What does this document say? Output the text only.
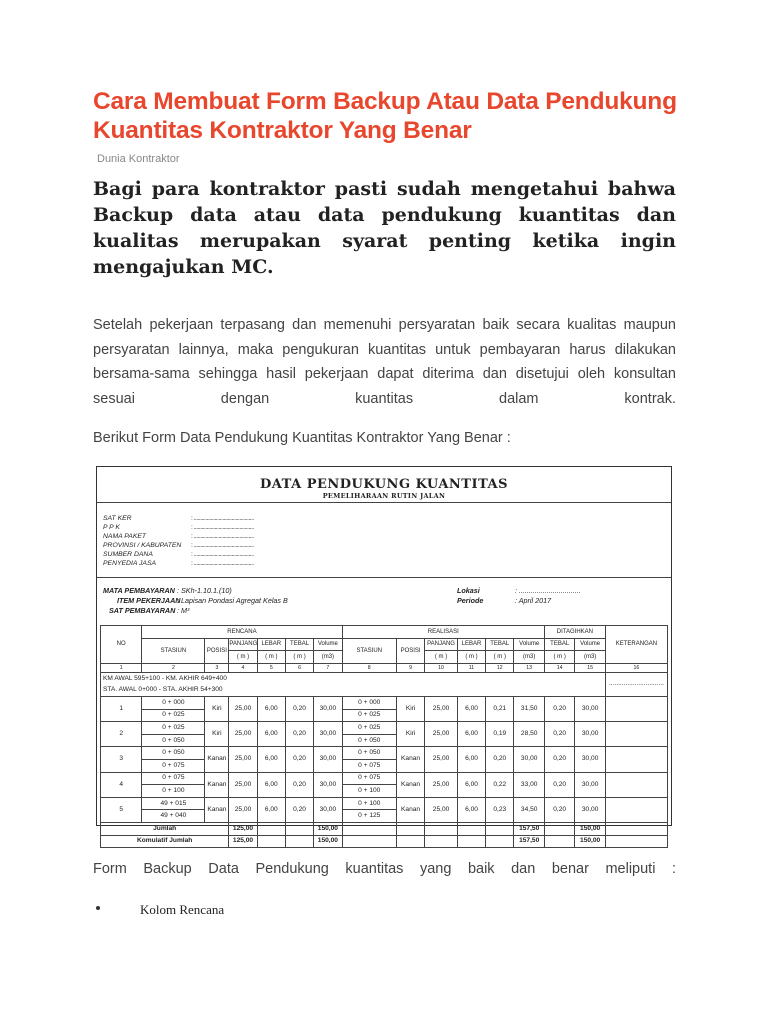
Cara Membuat Form Backup Atau Data Pendukung Kuantitas Kontraktor Yang Benar
Dunia Kontraktor

Bagi para kontraktor pasti sudah mengetahui bahwa Backup data atau data pendukung kuantitas dan kualitas merupakan syarat penting ketika ingin mengajukan MC.

Setelah pekerjaan terpasang dan memenuhi persyaratan baik secara kualitas maupun persyaratan lainnya, maka pengukuran kuantitas untuk pembayaran harus dilakukan bersama-sama sehingga hasil pekerjaan dapat diterima dan disetujui oleh konsultan sesuai dengan kuantitas dalam kontrak.

Berikut Form Data Pendukung Kuantitas Kontraktor Yang Benar :

DATA PENDUKUNG KUANTITAS
PEMELIHARAAN RUTIN JALAN
SAT KER	: ..............................................
P P K	: ..............................................
NAMA PAKET	: ..............................................
PROVINSI / KABUPATEN : ..............................................
SUMBER DANA	: ..............................................
PENYEDIA JASA	: ..............................................
MATA PEMBAYARAN : SKh-1.10.1.(10)
ITEM PEKERJAAN
: Lapisan Pondasi Agregat Kelas B
SAT PEMBAYARAN : M³
Lokasi	: ...............................
Periode	: April 2017
NO	RENCANA						REALISASI						DITAGIHKAN		KETERANGAN
	STASIUN	POSISI	PANJANG	LEBAR	TEBAL	Volume	STASIUN	POSISI	PANJANG	LEBAR	TEBAL	Volume	TEBAL	Volume	
			( m )	( m )	( m )	(m3)			( m )	( m )	( m )	(m3)	( m )	(m3)	
1	2	3	4	5	6	7	8	9	10	11	12	13	14	15	16
KM AWAL 595+100 - KM. AKHIR 649+400															..............................
STA. AWAL 0+000 - STA. AKHIR 54+300															
1	0 + 000	Kiri	25,00	6,00	0,20	30,00	0 + 000	Kiri	25,00	6,00	0,21	31,50	0,20	30,00	
	0 + 025						0 + 025								
2	0 + 025	Kiri	25,00	6,00	0,20	30,00	0 + 025	Kiri	25,00	6,00	0,19	28,50	0,20	30,00	
	0 + 050						0 + 050								
3	0 + 050	Kanan	25,00	6,00	0,20	30,00	0 + 050	Kanan	25,00	6,00	0,20	30,00	0,20	30,00	
	0 + 075						0 + 075								
4	0 + 075	Kanan	25,00	6,00	0,20	30,00	0 + 075	Kanan	25,00	6,00	0,22	33,00	0,20	30,00	
	0 + 100						0 + 100								
5	49 + 015	Kanan	25,00	6,00	0,20	30,00	0 + 100	Kanan	25,00	6,00	0,23	34,50	0,20	30,00	
	49 + 040						0 + 125								
Jumlah			125,00			150,00						157,50		150,00	
Komulatif Jumlah			125,00			150,00						157,50		150,00	

Form Backup Data Pendukung kuantitas yang baik dan benar meliputi :

Kolom Rencana
